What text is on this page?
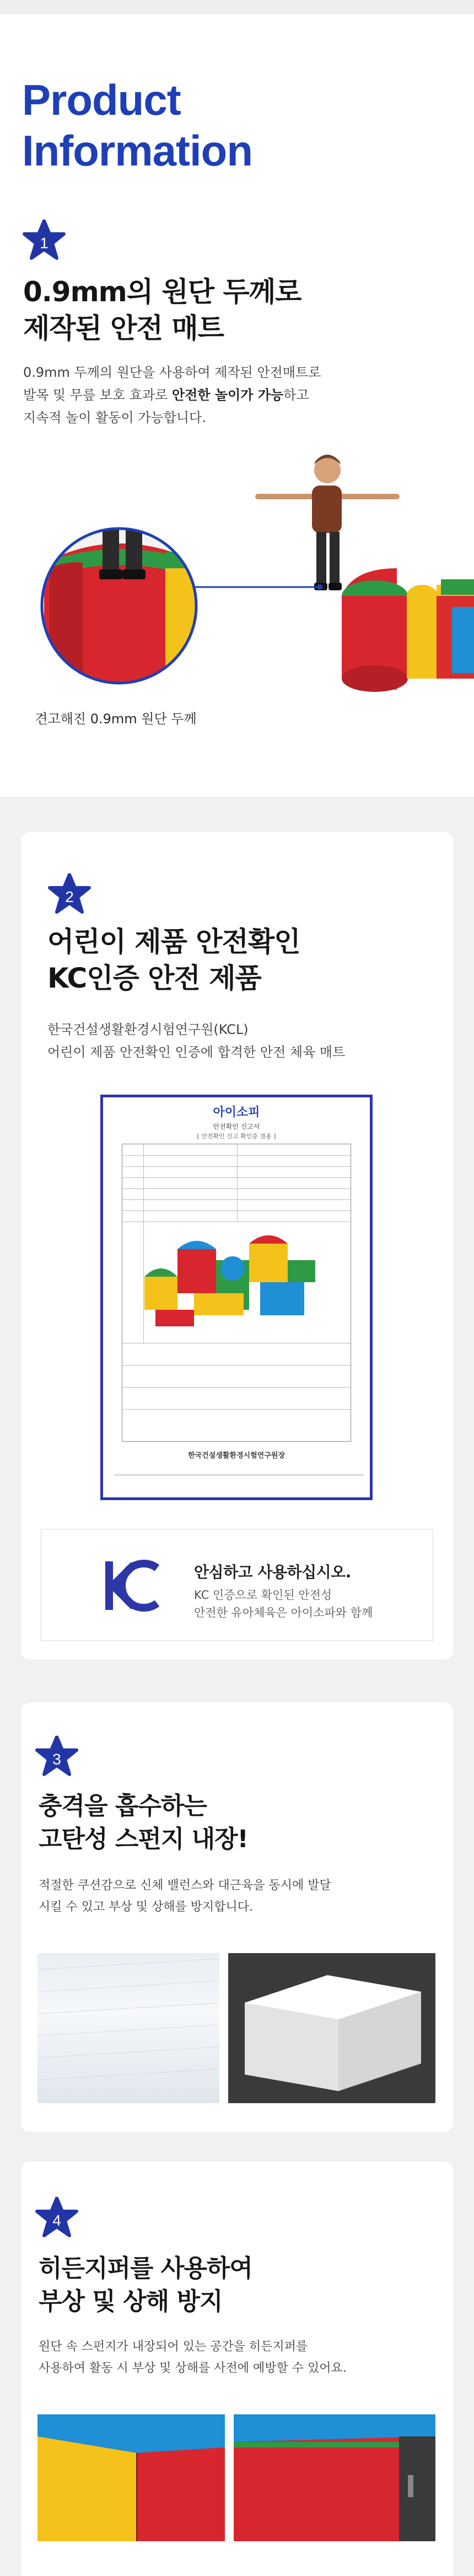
Product
Information
1
0.9mm의 원단 두께로
제작된 안전 매트
0.9mm 두께의 원단을 사용하여 제작된 안전매트로
발목 및 무릎 보호 효과로 안전한 놀이가 가능하고
지속적 놀이 활동이 가능합니다.
견고해진 0.9mm 원단 두께
2
어린이 제품 안전확인
KC인증 안전 제품
한국건설생활환경시험연구원(KCL)
어린이 제품 안전확인 인증에 합격한 안전 체육 매트
아이소피
안전확인 신고서
[ 안전확인 신고 확인증 겸용 ]
한국건설생활환경시험연구원장
안심하고 사용하십시오.
KC 인증으로 확인된 안전성
안전한 유아체육은 아이소파와 함께
3
충격을 흡수하는
고탄성 스펀지 내장!
적절한 쿠션감으로 신체 밸런스와 대근육을 동시에 발달
시킬 수 있고 부상 및 상해를 방지합니다.
4
히든지퍼를 사용하여
부상 및 상해 방지
원단 속 스펀지가 내장되어 있는 공간을 히든지퍼를
사용하여 활동 시 부상 및 상해를 사전에 예방할 수 있어요.
